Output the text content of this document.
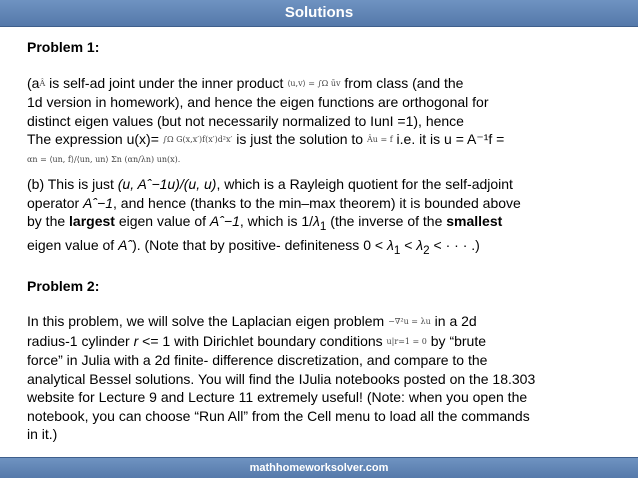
Solutions

Problem 1:

(aÂ is self-ad joint under the inner product ⟨u,v⟩ = ∫Ω ūv from class (and the

1d version in homework), and hence the eigen functions are orthogonal for

distinct eigen values (but not necessarily normalized to IunI =1), hence

The expression u(x)= ∫Ω G(x,x′)f(x′)d²x′ is just the solution to Âu = f i.e. it is u = A⁻¹f =

αn = ⟨un, f⟩/⟨un, un⟩ Σn (αn/λn) un(x).

(b) This is just (u, Aˆ−1u)/(u, u), which is a Rayleigh quotient for the self-adjoint

operator Aˆ−1, and hence (thanks to the min–max theorem) it is bounded above

by the largest eigen value of Aˆ−1, which is $1/\lambda_1$ (the inverse of the smallest

eigen value of Aˆ). (Note that by positive- definiteness $0 < \lambda_1 < \lambda_2$ < · · · .)

Problem 2:

In this problem, we will solve the Laplacian eigen problem −∇²u = λu in a 2d

radius-1 cylinder r <= 1 with Dirichlet boundary conditions u|r=1 = 0 by “brute

force” in Julia with a 2d finite- difference discretization, and compare to the

analytical Bessel solutions. You will find the IJulia notebooks posted on the 18.303

website for Lecture 9 and Lecture 11 extremely useful! (Note: when you open the

notebook, you can choose “Run All” from the Cell menu to load all the commands

in it.)

mathhomeworksolver.com
